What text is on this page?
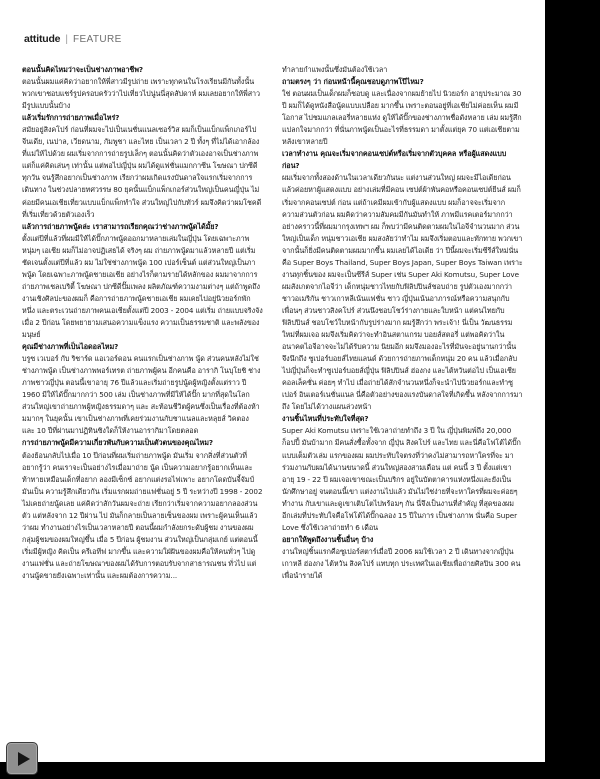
attitude | FEATURE
ตอนนั้นคิดไหมว่าจะเป็นช่างภาพอาชีพ?

ตอนนั้นผมแค่คิดว่าอยากให้พี่สาวมีรูปถ่าย เพราะทุกคนในโรงเรียนมีกันทั้งนั้น พวกเขาชอบแชร์รูปครอบครัวว่าไปเที่ยวไปนู่นนี่สุดสัปดาห์ ผมเลยอยากให้พี่สาวมีรูปแบบนั้นบ้าง

แล้วเริ่มรักการถ่ายภาพเมื่อไหร่?

สมัยอยู่สิงคโปร์ ก่อนที่ผมจะไปเป็นเนชั่นแนลเซอร์วิส ผมก็เป็นแบ็กแพ็กเกอร์ไปจีนเดีย, เนปาล, เวียดนาม, กัมพูชา และไทย เป็นเวลา 2 ปี ทั้งๆ ที่ไม่ได้เอากล้องที่แม่ให้ไปด้วย ผมเริ่มจากการถ่ายรูปเล็กๆ ตอนนั้นคิดว่าตัวเองอาจเป็นช่างภาพ แต่ก็แค่คิดเล่นๆ เท่านั้น แต่พอไปญี่ปุ่น ผมได้ดูแฟชั่นแมกกาซีน โฆษณา ปกซีดี ทุกวัน จนรู้สึกอยากเป็นช่างภาพ เรียกว่าผมเกิดแรงบันดาลใจแรกเริ่มจากการเดินทาง ในช่วงปลายทศวรรษ 80 ยุคนั้นแบ็กแพ็กเกอร์ส่วนใหญ่เป็นคนญี่ปุ่น ไม่ค่อยมีคนเอเชียเที่ยวแบบแบ็กแพ็กทำใจ ส่วนใหญ่ไปกับทัวร์ ผมจึงคิดว่าผมโชคดีที่เริ่มเที่ยวด้วยตัวเองเร็ว

แล้วการถ่ายภาพนู้ดล่ะ เราสามารถเรียกคุณว่าช่างภาพนู้ดได้มั้ย?

ตั้งแต่ปีที่แล้วที่ผมมีให้ได้ปั๊กภาพนู้ดออกมาหลายเล่มในญี่ปุ่น โดยเฉพาะภาพหนุ่มๆ เอเชีย ผมก็ไม่อาจปฏิเสธได้ จริงๆ ผม ถ่ายภาพนู้ดมาแล้วหลายปี แต่เริ่มชัดเจนตั้งแต่ปีที่แล้ว ผม ไม่ใช่ช่างภาพนู้ด 100 เปอร์เซ็นต์ แต่ส่วนใหญ่เป็นภาพนู้ด โดยเฉพาะภาพนู้ดชายเอเชีย อย่างไรก็ตามรายได้หลักของ ผมมาจากการถ่ายภาพเชลเบริตี้ โฆษณา ปกซีดีปั๊มเพลง ผลิตภัณฑ์ความงามต่างๆ แต่ถ้าพูดถึงงานเชิงศิลปะของผมก็ คือการถ่ายภาพนู้ดชายเอเชีย ผมเคยไปอยู่นิวยอร์กพักหนึ่ง และตระเวนถ่ายภาพคนเอเชียตั้งแต่ปี 2003 - 2004 แต่เริ่ม ถ่ายแบบจริงจังเมื่อ 2 ปีก่อน โดยพยายามเสนอความแข็งแรง ความเป็นธรรมชาติ และพลังของมนุษย์

คุณมีช่างภาพที่เป็นไอดอลไหม?

บรูซ เวเบอร์ กับ ริชาร์ด แอเวอร์ดอน คนแรกเป็นช่างภาพ นู้ด ส่วนคนหลังไม่ใช่ช่างภาพนู้ด เป็นช่างภาพพอร์เทรต ถ่ายภาพผู้คน อีกคนคือ อารากิ โนบุโยชิ ช่างภาพชาวญี่ปุ่น ตอนนี้เขาอายุ 76 ปีแล้วและเริ่มถ่ายรูปนู้ดผู้หญิงตั้งแต่ราว ปี 1960 มีให้ได้ปั๊กมากกว่า 500 เล่ม เป็นช่างภาพที่มีให้ได้ปั๊ก มากที่สุดในโลก ส่วนใหญ่เขาถ่ายภาพผู้หญิงธรรมดาๆ และ สะท้อนชีวิตผู้คนซึ่งเป็นเรื่องที่ต้องห้ามมากๆ ในยุคนั้น เขาเป็นช่างภาพที่เคยร่วมงานกับชาแนลและหลุยส์ วิคตอง และ 10 ปีที่ผ่านมาปฏิทินซิงใดก็ให้งานอารากิมาโดยตลอด

การถ่ายภาพนู้ดมีความเกี่ยวพันกับความเป็นตัวตนของคุณไหม?

ต้องย้อนกลับไปเมื่อ 10 ปีก่อนที่ผมเริ่มถ่ายภาพนู้ด มันเริ่ม จากสิ่งที่ส่วนตัวที่อยากรู้ว่า คนเราจะเป็นอย่างไรเมื่อมาถ่าย นู้ด เป็นความอยากรู้อยากเห็นและท้าทายเหมือนเด็กที่อยาก ลองมีเซ็กซ์ อยากแต่งรอไฟเพาะ อยากโดดบันจี้จัมป์ มันเป็น ความรู้สึกเดียวกัน เริ่มแรกผมถ่ายแฟชั่นอยู่ 5 ปี ระหว่างปี 1998 - 2002 ไม่เคยถ่ายนู้ดเลย แค่คิดว่าสักวันผมจะถ่าย เรียกว่าเริ่มจากความอยากลองส่วนตัว แต่หลังจาก 12 ปีผ่าน ไป มันก็กลายเป็นลายเซ็นของผม เพราะผู้คนเห็นแล้วว่าผม ทำงานอย่างไรเป็นเวลาหลายปี ตอนนี้ผมกำลังยกระดับผู้ชม งานของผม กลุ่มผู้ชมของผมใหญ่ขึ้น เมื่อ 5 ปีก่อน ผู้ชมงาน ส่วนใหญ่เป็นกลุ่มเกย์ แต่ตอนนี้เริ่มมีผู้หญิง คิดเป็น ครีเอทีฟ มากขึ้น และความใฝ่ฝันของผมคือให้คนทั่วๆ ไปดู งานแฟชั่น และถ่ายโฆษณาของผมได้รับการตอบรับจากสาธารณชน ทั่วไป แต่งานนู้ดขายยังเฉพาะเท่านั้น และผมต้องการความ...

ทำลายกำแพงนั้นซึ่งมันต้องใช้เวลา

ถามตรงๆ ว่า ก่อนหน้านี้คุณชอบดูภาพโป๊ไหม?

ใช่ ตอนผมเป็นเด็กผมก็ชอบดู และเนื่องจากผมย้ายไป นิวยอร์ก อายุประมาณ 30 ปี ผมก็ได้ดูหนังสือนู้ดแบบเปลือย มากขึ้น เพราะตอนอยู่ที่เอเชียไม่ค่อยเห็น ผมมีโอกาส ไปชมแกลเลอรี่หลายแห่ง ดูให้ได้ปั๊กของช่างภาพชื่อดังหลาย เล่ม ผมรู้สึกแปลกใจมากกว่า ที่นั่นภาพนู้ดเป็นอะไรที่ธรรมดา มาตั้งแต่ยุค 70 แต่เอเชียตามหลังเขาหลายปี

เวลาทำงาน คุณจะเริ่มจากคอนเซปต์หรือเริ่มจากตัวบุคคล หรือผู้แสดงแบบก่อน?

ผมเริ่มจากทั้งสองด้านในเวลาเดียวกันนะ แต่งานส่วนใหญ่ ผมจะมีไอเดียก่อน แล้วค่อยหาผู้แสดงแบบ อย่างเล่มที่มีคอน เซปต์ผ้าพันคอหรือคอนเซปต์ยีนส์ ผมก็เริ่มจากคอนเซปต์ ก่อน แต่ถ้าเคมีผมเข้ากับผู้แสดงแบบ ผมก็อาจจะเริ่มจาก ความส่วนตัวก่อน ผมคิดว่าความสัมคมมีกันมันทำให้ ภาพมีแรคเตอร์มากกว่า อย่างคราวนี้ที่ผมมากรุงเทพฯ ผม ก็พบว่ามีคนติดตามผมในไอจีจำนวนมาก ส่วนใหญ่เป็นเด็ก หนุ่มชาวเอเชีย ผมสงสัยว่าทำไม ผมจึงเริ่มตอบและทักทาย พวกเขา จากนั้นก็ยิ่งมีคนติดตามผมมากขึ้น ผมเลยได้ไอเดีย ว่า ปีนี้ผมจะเริ่มซีรีส์ใหม่นั่นคือ Super Boys Thailand, Super Boys Japan, Super Boys Taiwan เพราะงานทุกชิ้นของ ผมจะเป็นซีรีส์ Super เช่น Super Aki Komutsu, Super Love ผมสังเกตจากไอจีว่า เด็กหนุ่มชาวไทยกับฟิลิปปินส์ชอบถ่าย รูปตัวเองมากกว่าชาวอเมริกัน ชาวเกาหลีเน้นแฟชั่น ชาว ญี่ปุ่นเน้นอาภารณ์หรือความสนุกกับเพื่อนๆ ส่วนชาวสิงคโปร์ ส่วนนึงชอบโชว์ร่างกายและใบหน้า แต่คนไทยกับฟิลิปปินส์ ชอบโชว์ใบหน้ากับรูปร่างมาก ผมรู้สึกว่า พระเจ้า! นี่เป็น วัฒนธรรมใหม่ที่ผมเจอ ผมจึงเริ่มคิดว่าจะทำอินสตาแกรม บอยส์สตอรี่ แต่พอคิดว่าในอนาคตไอจีอาจจะไม่ได้รับความ นิยมอีก ผมจึงมองอะไรที่มันจะอยู่นานกว่านั้น จึงนึกถึง ซูเปอร์บอยส์ไทยแลนด์ ด้วยการถ่ายภาพเด็กหนุ่ม 20 คน แล้วเมื่อกลับไปญี่ปุ่นก็จะทำซูเปอร์บอยส์ญี่ปุ่น ฟิลิปปินส์ ฮ่องกง และไต้หวันต่อไป เป็นเอเชียคอลเล็คชั่น ค่อยๆ ทำไป เมื่อถ่ายได้สักจำนวนหนึ่งก็จะนำไปนิวยอร์กและทำซูเปอร์ อินเตอร์เนชั่นแนล นี่คือตัวอย่างของแรงบันดาลใจที่เกิดขึ้น หลังจากการมาถึง โดยไม่ได้วางแผนล่วงหน้า

งานชิ้นไหนที่ประทับใจที่สุด?

Super Aki Komutsu เพราะใช้เวลาถ่ายทำถึง 3 ปี ใน ญี่ปุ่นพิมพ์ถึง 20,000 ก็อปปี้ มันบ้ามาก มีคนสั่งซื้อทั้งจาก ญี่ปุ่น สิงคโปร์ และไทย และนี่คือโฟโต้ได้ปั๊กแบบเต็มตัวเล่ม แรกของผม ผมประทับใจตรงที่ว่าคงไม่สามารถหาใครที่จะ มาร่วมงานกับผมได้นานขนาดนี้ ส่วนใหญ่สองสามเดือน แต่ คนนี้ 3 ปี ตั้งแต่เขาอายุ 19 - 22 ปี ผมเจอเขาขณะเป็นบริกร อยู่ในบัตตาคารแห่งหนึ่งและยังเป็นนักศึกษาอยู่ จนตอนนี้เขา แต่งงานไปแล้ว มันไม่ใช่ง่ายที่จะหาใครที่ผมจะค่อยๆ ทำงาน กับเขาและดูเขาเติบโตไปพร้อมๆ กัน นี่จึงเป็นงานที่สำคัญ ที่สุดของผม อีกเล่มที่ประทับใจคือโฟโต้ได้ปั๊กฉลอง 15 ปีในการ เป็นช่างภาพ นั่นคือ Super Love ซึ่งใช้เวลาถ่ายทำ 6 เดือน

อยากให้พูดถึงงานชิ้นอื่นๆ บ้าง

งานใหญ่ชิ้นแรกคือซูเปอร์สตาร์เมื่อปี 2006 ผมใช้เวลา 2 ปี เดินทางจากญี่ปุ่น เกาหลี ฮ่องกง ไต้หวัน สิงคโปร์ แทบทุก ประเทศในเอเชียเพื่อถ่ายศิลปิน 300 คน เพื่อนำรายได้
